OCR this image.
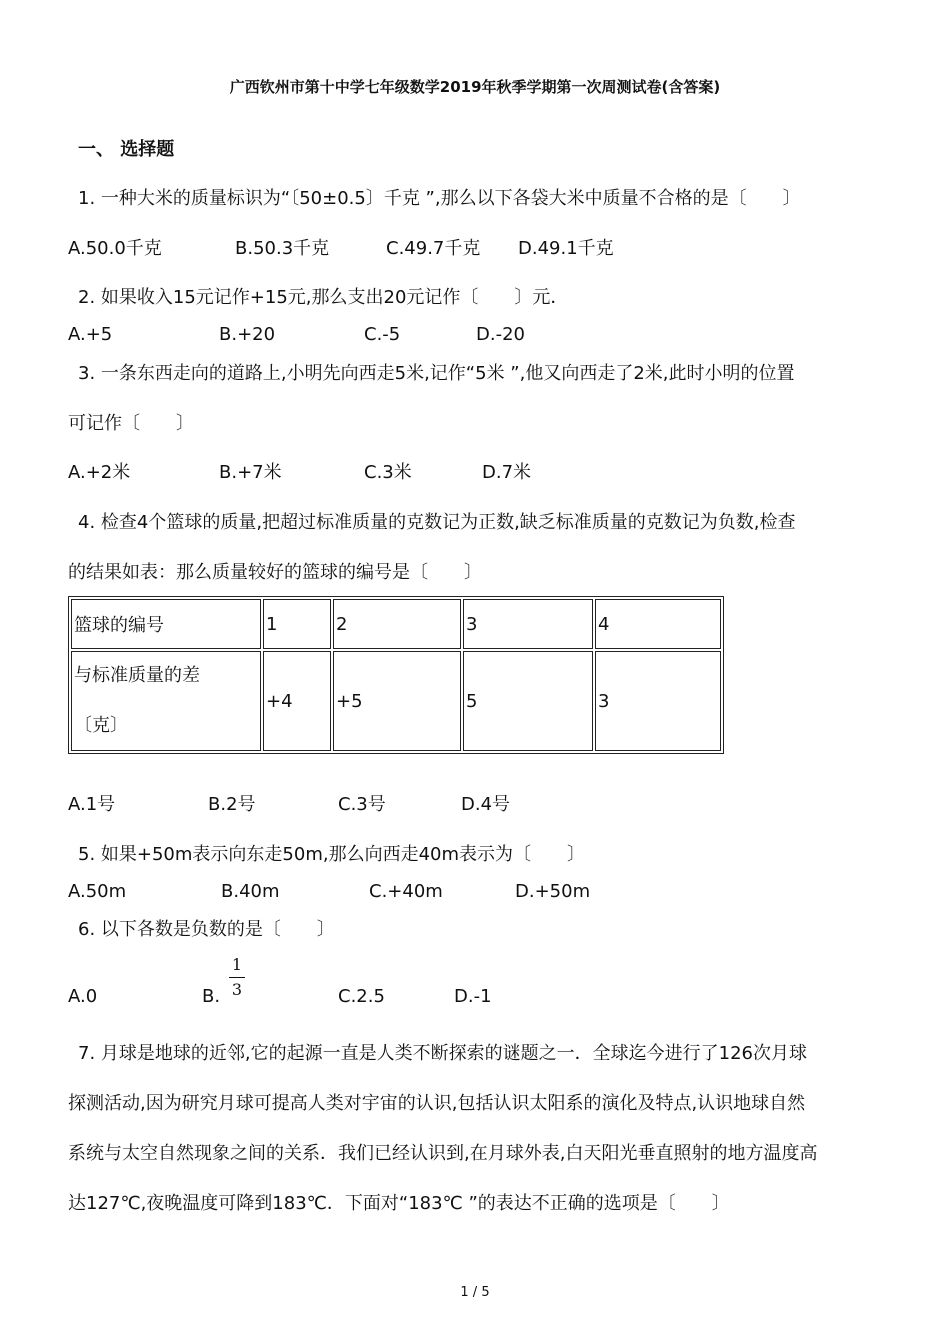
广西钦州市第十中学七年级数学2019年秋季学期第一次周测试卷(含答案)
一、 选择题
1. 一种大米的质量标识为“〔50±0.5〕千克 ”,那么以下各袋大米中质量不合格的是〔　　〕
A.50.0千克	B.50.3千克	C.49.7千克 D.49.1千克
2. 如果收入15元记作+15元,那么支出20元记作〔　　〕元．
A.+5	B.+20	C.-5	D.-20
3. 一条东西走向的道路上,小明先向西走5米,记作“5米 ”,他又向西走了2米,此时小明的位置
可记作〔　　〕
A.+2米	B.+7米	C.3米	D.7米
4. 检查4个篮球的质量,把超过标准质量的克数记为正数,缺乏标准质量的克数记为负数,检查
的结果如表：那么质量较好的篮球的编号是〔　　〕
篮球的编号	1	2	3	4

与标准质量的差
〔克〕	+4	+5	5	3
A.1号	B.2号	C.3号	D.4号
5. 如果+50m表示向东走50m,那么向西走40m表示为〔　　〕
A.50m	B.40m	C.+40m	D.+50m
6. 以下各数是负数的是〔　　〕
A.0	B.
1
3	C.2.5	D.-1
7. 月球是地球的近邻,它的起源一直是人类不断探索的谜题之一．全球迄今进行了126次月球
探测活动,因为研究月球可提高人类对宇宙的认识,包括认识太阳系的演化及特点,认识地球自然
系统与太空自然现象之间的关系．我们已经认识到,在月球外表,白天阳光垂直照射的地方温度高
达127℃,夜晚温度可降到183℃．下面对“183℃ ”的表达不正确的选项是〔　　〕
1 / 5
